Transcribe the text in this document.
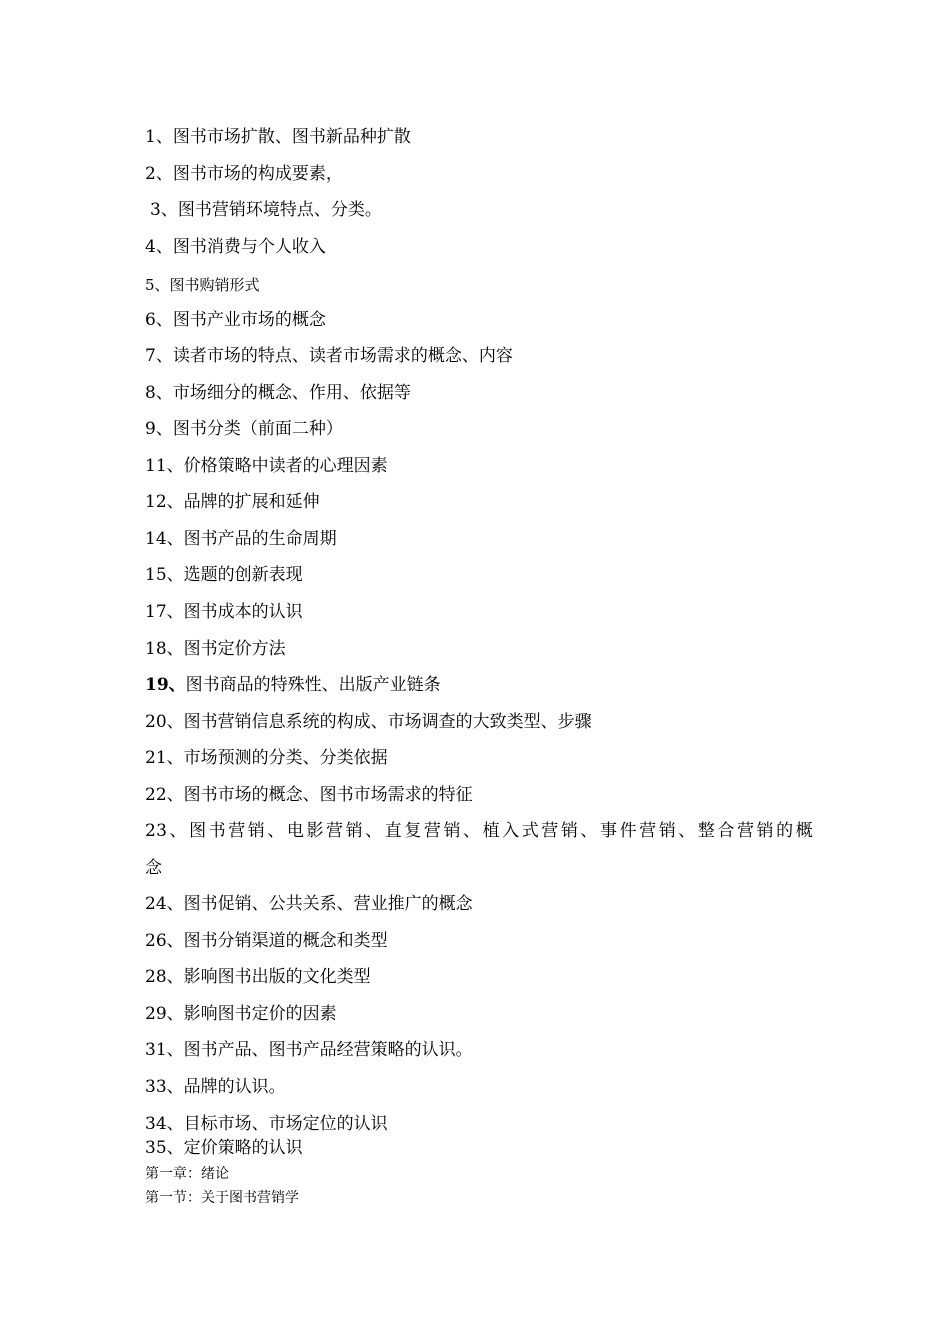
1、图书市场扩散、图书新品种扩散
2、图书市场的构成要素，
3、图书营销环境特点、分类。
4、图书消费与个人收入
5、图书购销形式
6、图书产业市场的概念
7、读者市场的特点、读者市场需求的概念、内容
8、市场细分的概念、作用、依据等
9、图书分类（前面二种）
11、价格策略中读者的心理因素
12、品牌的扩展和延伸
14、图书产品的生命周期
15、选题的创新表现
17、图书成本的认识
18、图书定价方法
19、图书商品的特殊性、出版产业链条
20、图书营销信息系统的构成、市场调查的大致类型、步骤
21、市场预测的分类、分类依据
22、图书市场的概念、图书市场需求的特征
23、图书营销、电影营销、直复营销、植入式营销、事件营销、整合营销的概
念
24、图书促销、公共关系、营业推广的概念
26、图书分销渠道的概念和类型
28、影响图书出版的文化类型
29、影响图书定价的因素
31、图书产品、图书产品经营策略的认识。
33、品牌的认识。
34、目标市场、市场定位的认识
35、定价策略的认识
第一章：绪论
第一节：关于图书营销学
